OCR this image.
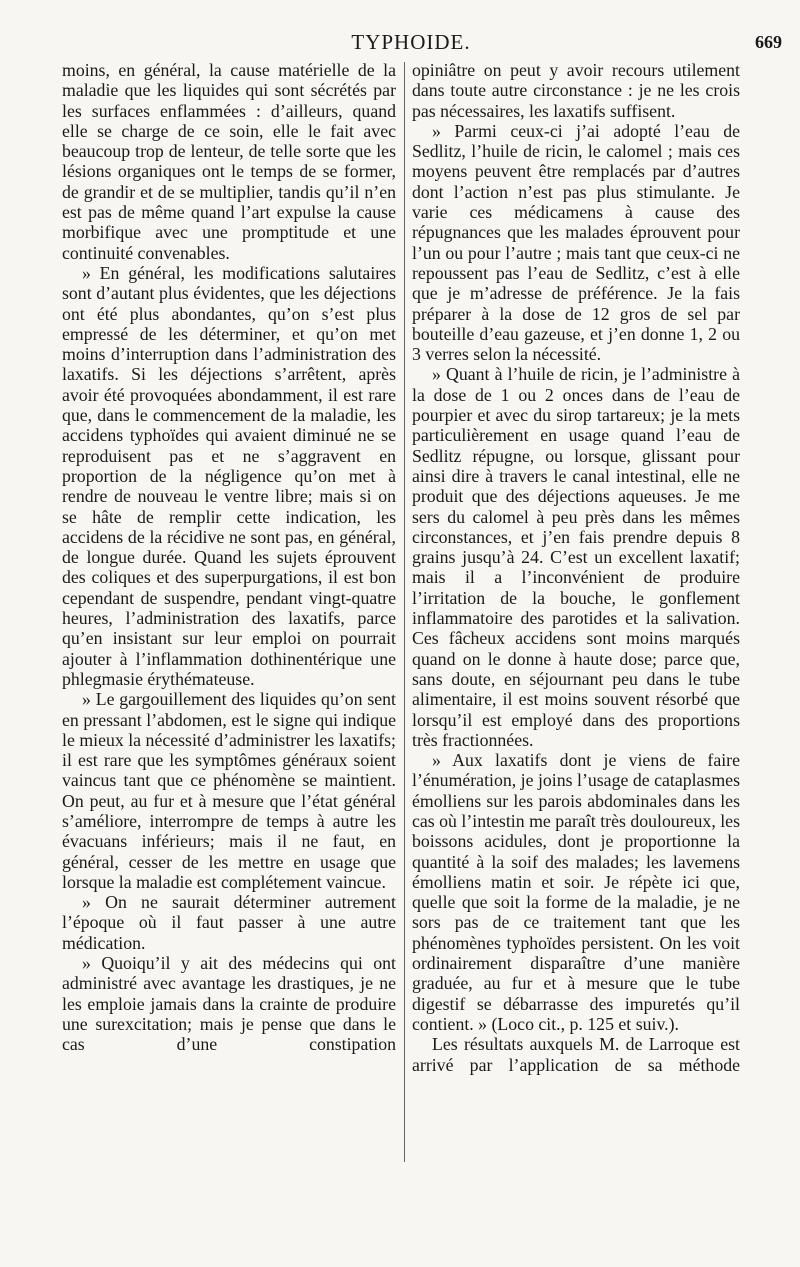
TYPHOIDE.	669

moins, en général, la cause matérielle de la maladie que les liquides qui sont sécrétés par les surfaces enflammées : d’ailleurs, quand elle se charge de ce soin, elle le fait avec beaucoup trop de lenteur, de telle sorte que les lésions organiques ont le temps de se former, de grandir et de se multiplier, tandis qu’il n’en est pas de même quand l’art expulse la cause morbifique avec une promptitude et une continuité convenables.

» En général, les modifications salutaires sont d’autant plus évidentes, que les déjections ont été plus abondantes, qu’on s’est plus empressé de les déterminer, et qu’on met moins d’interruption dans l’administration des laxatifs. Si les déjections s’arrêtent, après avoir été provoquées abondamment, il est rare que, dans le commencement de la maladie, les accidens typhoïdes qui avaient diminué ne se reproduisent pas et ne s’aggravent en proportion de la négligence qu’on met à rendre de nouveau le ventre libre; mais si on se hâte de remplir cette indication, les accidens de la récidive ne sont pas, en général, de longue durée. Quand les sujets éprouvent des coliques et des superpurgations, il est bon cependant de suspendre, pendant vingt-quatre heures, l’administration des laxatifs, parce qu’en insistant sur leur emploi on pourrait ajouter à l’inflammation dothinentérique une phlegmasie érythémateuse.

» Le gargouillement des liquides qu’on sent en pressant l’abdomen, est le signe qui indique le mieux la nécessité d’administrer les laxatifs; il est rare que les symptômes généraux soient vaincus tant que ce phénomène se maintient. On peut, au fur et à mesure que l’état général s’améliore, interrompre de temps à autre les évacuans inférieurs; mais il ne faut, en général, cesser de les mettre en usage que lorsque la maladie est complétement vaincue.

» On ne saurait déterminer autrement l’époque où il faut passer à une autre médication.

» Quoiqu’il y ait des médecins qui ont administré avec avantage les drastiques, je ne les emploie jamais dans la crainte de produire une surexcitation; mais je pense que dans le cas d’une constipation

opiniâtre on peut y avoir recours utilement dans toute autre circonstance : je ne les crois pas nécessaires, les laxatifs suffisent.

» Parmi ceux-ci j’ai adopté l’eau de Sedlitz, l’huile de ricin, le calomel ; mais ces moyens peuvent être remplacés par d’autres dont l’action n’est pas plus stimulante. Je varie ces médicamens à cause des répugnances que les malades éprouvent pour l’un ou pour l’autre ; mais tant que ceux-ci ne repoussent pas l’eau de Sedlitz, c’est à elle que je m’adresse de préférence. Je la fais préparer à la dose de 12 gros de sel par bouteille d’eau gazeuse, et j’en donne 1, 2 ou 3 verres selon la nécessité.

» Quant à l’huile de ricin, je l’administre à la dose de 1 ou 2 onces dans de l’eau de pourpier et avec du sirop tartareux; je la mets particulièrement en usage quand l’eau de Sedlitz répugne, ou lorsque, glissant pour ainsi dire à travers le canal intestinal, elle ne produit que des déjections aqueuses. Je me sers du calomel à peu près dans les mêmes circonstances, et j’en fais prendre depuis 8 grains jusqu’à 24. C’est un excellent laxatif; mais il a l’inconvénient de produire l’irritation de la bouche, le gonflement inflammatoire des parotides et la salivation. Ces fâcheux accidens sont moins marqués quand on le donne à haute dose; parce que, sans doute, en séjournant peu dans le tube alimentaire, il est moins souvent résorbé que lorsqu’il est employé dans des proportions très fractionnées.

» Aux laxatifs dont je viens de faire l’énumération, je joins l’usage de cataplasmes émolliens sur les parois abdominales dans les cas où l’intestin me paraît très douloureux, les boissons acidules, dont je proportionne la quantité à la soif des malades; les lavemens émolliens matin et soir. Je répète ici que, quelle que soit la forme de la maladie, je ne sors pas de ce traitement tant que les phénomènes typhoïdes persistent. On les voit ordinairement disparaître d’une manière graduée, au fur et à mesure que le tube digestif se débarrasse des impuretés qu’il contient. » (Loco cit., p. 125 et suiv.).

Les résultats auxquels M. de Larroque est arrivé par l’application de sa méthode
